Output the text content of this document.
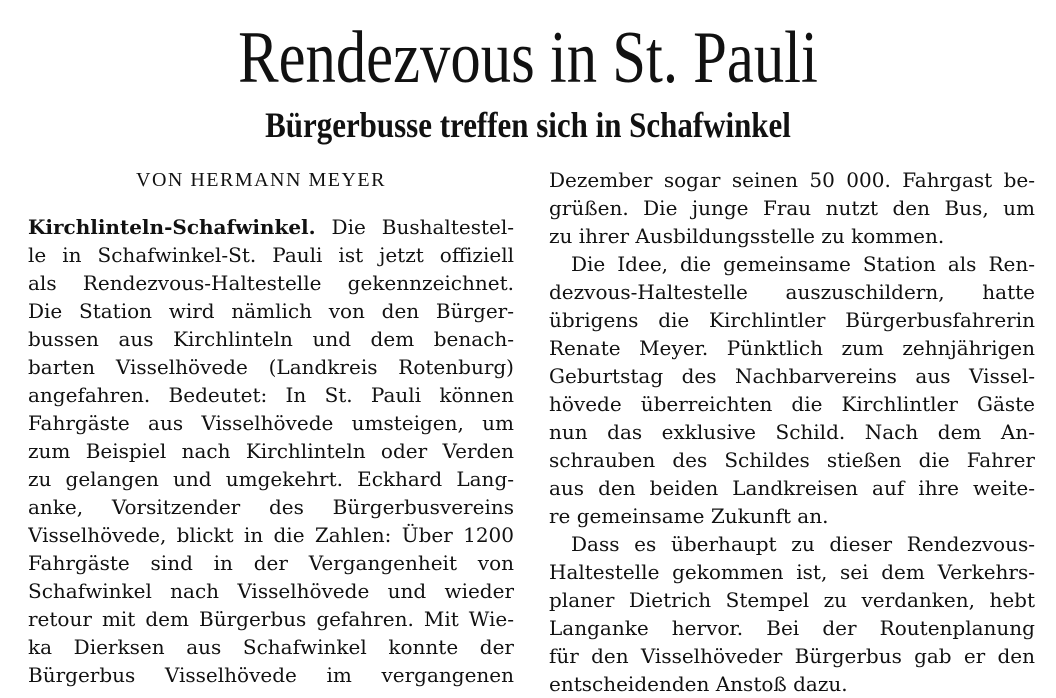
Rendezvous in St. Pauli
Bürgerbusse treffen sich in Schafwinkel
VON HERMANN MEYER
Kirchlinteln-Schafwinkel. Die Bushaltestel-
le in Schafwinkel-St. Pauli ist jetzt offiziell
als Rendezvous-Haltestelle gekennzeichnet.
Die Station wird nämlich von den Bürger-
bussen aus Kirchlinteln und dem benach-
barten Visselhövede (Landkreis Rotenburg)
angefahren. Bedeutet: In St. Pauli können
Fahrgäste aus Visselhövede umsteigen, um
zum Beispiel nach Kirchlinteln oder Verden
zu gelangen und umgekehrt. Eckhard Lang-
anke, Vorsitzender des Bürgerbusvereins
Visselhövede, blickt in die Zahlen: Über 1200
Fahrgäste sind in der Vergangenheit von
Schafwinkel nach Visselhövede und wieder
retour mit dem Bürgerbus gefahren. Mit Wie-
ka Dierksen aus Schafwinkel konnte der
Bürgerbus Visselhövede im vergangenen
Dezember sogar seinen 50 000. Fahrgast be-
grüßen. Die junge Frau nutzt den Bus, um
zu ihrer Ausbildungsstelle zu kommen.
Die Idee, die gemeinsame Station als Ren-
dezvous-Haltestelle auszuschildern, hatte
übrigens die Kirchlintler Bürgerbusfahrerin
Renate Meyer. Pünktlich zum zehnjährigen
Geburtstag des Nachbarvereins aus Vissel-
hövede überreichten die Kirchlintler Gäste
nun das exklusive Schild. Nach dem An-
schrauben des Schildes stießen die Fahrer
aus den beiden Landkreisen auf ihre weite-
re gemeinsame Zukunft an.
Dass es überhaupt zu dieser Rendezvous-
Haltestelle gekommen ist, sei dem Verkehrs-
planer Dietrich Stempel zu verdanken, hebt
Langanke hervor. Bei der Routenplanung
für den Visselhöveder Bürgerbus gab er den
entscheidenden Anstoß dazu.
